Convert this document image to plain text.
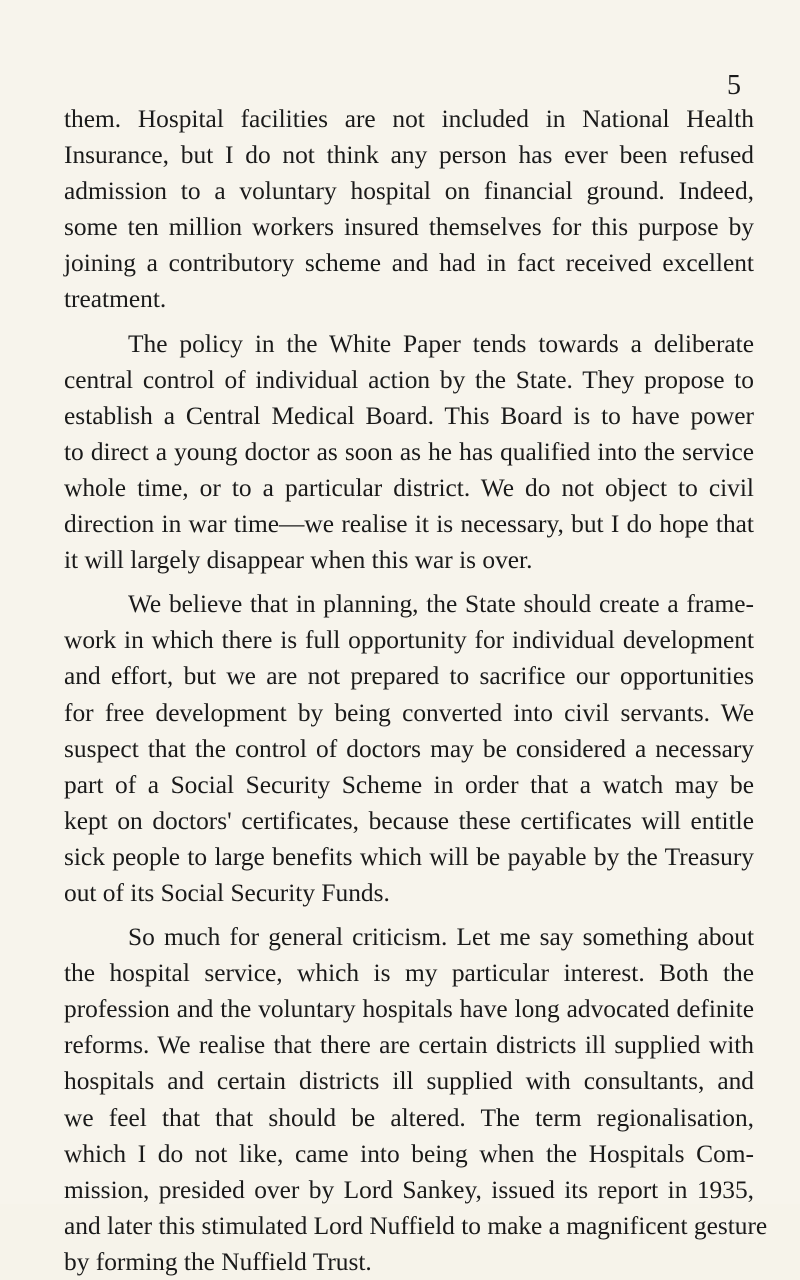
5
them. Hospital facilities are not included in National Health
Insurance, but I do not think any person has ever been refused
admission to a voluntary hospital on financial ground. Indeed,
some ten million workers insured themselves for this purpose by
joining a contributory scheme and had in fact received excellent
treatment.
The policy in the White Paper tends towards a deliberate
central control of individual action by the State. They propose to
establish a Central Medical Board. This Board is to have power
to direct a young doctor as soon as he has qualified into the service
whole time, or to a particular district. We do not object to civil
direction in war time—we realise it is necessary, but I do hope that
it will largely disappear when this war is over.
We believe that in planning, the State should create a frame-
work in which there is full opportunity for individual development
and effort, but we are not prepared to sacrifice our opportunities
for free development by being converted into civil servants. We
suspect that the control of doctors may be considered a necessary
part of a Social Security Scheme in order that a watch may be
kept on doctors' certificates, because these certificates will entitle
sick people to large benefits which will be payable by the Treasury
out of its Social Security Funds.
So much for general criticism. Let me say something about
the hospital service, which is my particular interest. Both the
profession and the voluntary hospitals have long advocated definite
reforms. We realise that there are certain districts ill supplied with
hospitals and certain districts ill supplied with consultants, and
we feel that that should be altered. The term regionalisation,
which I do not like, came into being when the Hospitals Com-
mission, presided over by Lord Sankey, issued its report in 1935,
and later this stimulated Lord Nuffield to make a magnificent gesture
by forming the Nuffield Trust.
